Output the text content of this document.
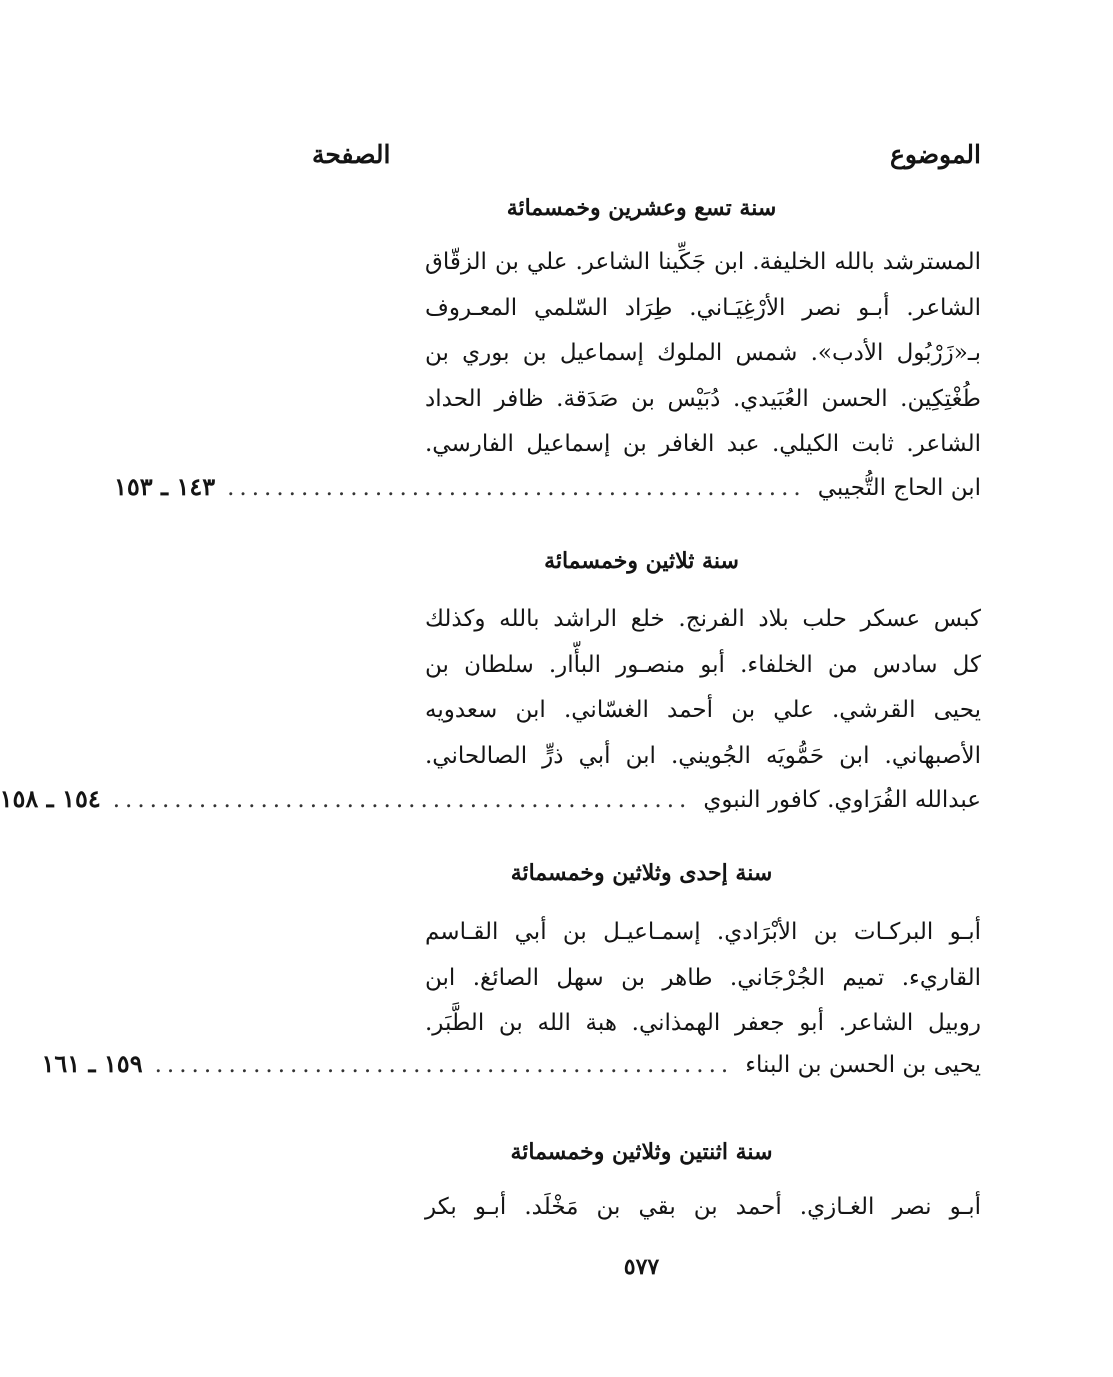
الموضوع
الصفحة
سنة تسع وعشرين وخمسمائة
المسترشد بالله الخليفة. ابن جَكِّينا الشاعر. علي بن الزقّاق
الشاعر. أبـو نصر الأرْغِيَـاني. طِرَاد السّلمي المعـروف
بـ«زَرْبُول الأدب». شمس الملوك إسماعيل بن بوري بن
طُغْتِكِين. الحسن العُبَيدي. دُبَيْس بن صَدَقة. ظافر الحداد
الشاعر. ثابت الكيلي. عبد الغافر بن إسماعيل الفارسي.
ابن الحاج التُّجيبي
...............................................
١٤٣ ـ ١٥٣
سنة ثلاثين وخمسمائة
كبس عسكر حلب بلاد الفرنج. خلع الراشد بالله وكذلك
كل سادس من الخلفاء. أبو منصـور البأّار. سلطان بن
يحيى القرشي. علي بن أحمد الغسّاني. ابن سعدويه
الأصبهاني. ابن حَمُّويَه الجُويني. ابن أبي ذرٍّ الصالحاني.
عبدالله الفُرَاوي. كافور النبوي
...............................................
١٥٤ ـ ١٥٨
سنة إحدى وثلاثين وخمسمائة
أبـو البركـات بن الأبْرَادي. إسمـاعيـل بن أبي القـاسم
القاريء. تميم الجُرْجَاني. طاهر بن سهل الصائغ. ابن
روبيل الشاعر. أبو جعفر الهمذاني. هبة الله بن الطَّبَر.
يحيى بن الحسن بن البناء
...............................................
١٥٩ ـ ١٦١
سنة اثنتين وثلاثين وخمسمائة
أبـو نصر الغـازي. أحمد بن بقي بن مَخْلَد. أبـو بكر
٥٧٧
